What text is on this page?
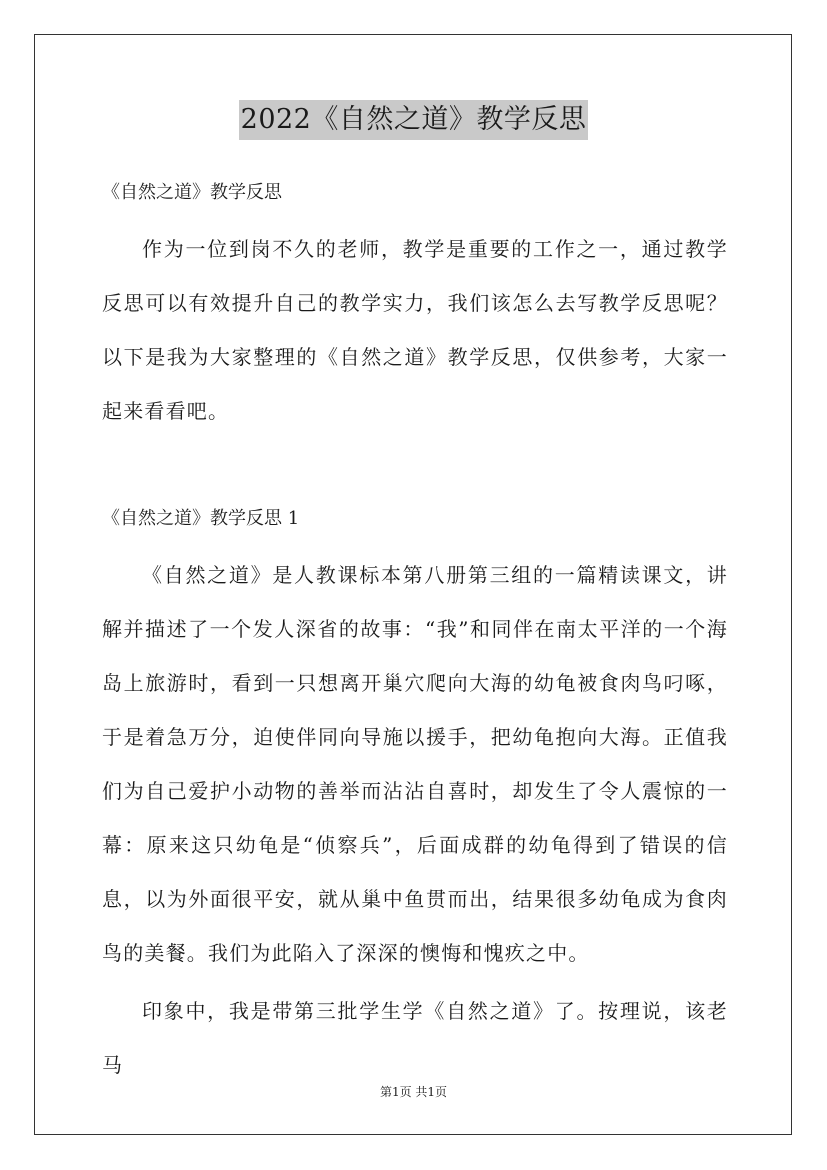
2022《自然之道》教学反思
《自然之道》教学反思
作为一位到岗不久的老师，教学是重要的工作之一，通过教学反思可以有效提升自己的教学实力，我们该怎么去写教学反思呢？以下是我为大家整理的《自然之道》教学反思，仅供参考，大家一起来看看吧。
《自然之道》教学反思 1
《自然之道》是人教课标本第八册第三组的一篇精读课文，讲解并描述了一个发人深省的故事：“我”和同伴在南太平洋的一个海岛上旅游时，看到一只想离开巢穴爬向大海的幼龟被食肉鸟叼啄，于是着急万分，迫使伴同向导施以援手，把幼龟抱向大海。正值我们为自己爱护小动物的善举而沾沾自喜时，却发生了令人震惊的一幕：原来这只幼龟是“侦察兵”，后面成群的幼龟得到了错误的信息，以为外面很平安，就从巢中鱼贯而出，结果很多幼龟成为食肉鸟的美餐。我们为此陷入了深深的懊悔和愧疚之中。
印象中，我是带第三批学生学《自然之道》了。按理说，该老马
第1页 共1页
